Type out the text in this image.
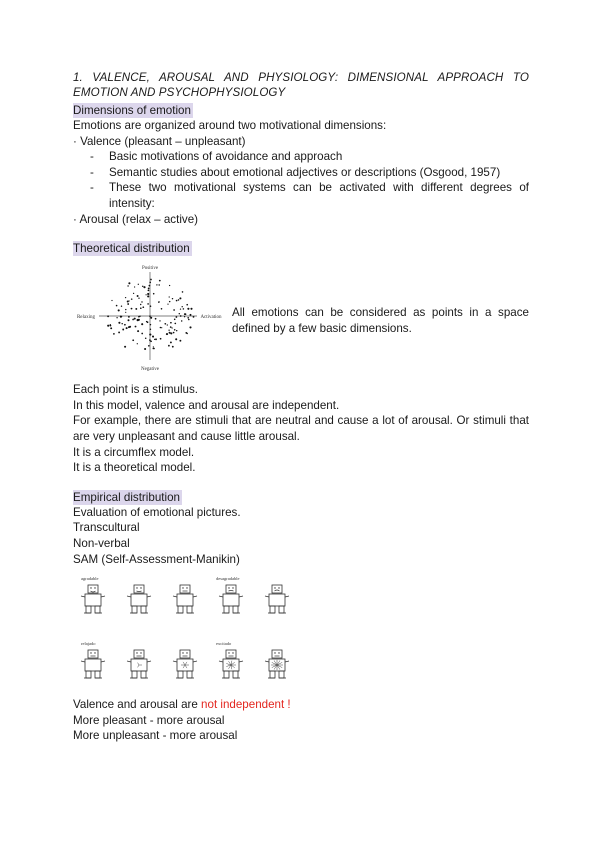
1. VALENCE, AROUSAL AND PHYSIOLOGY: DIMENSIONAL APPROACH TO EMOTION AND PSYCHOPHYSIOLOGY

Dimensions of emotion
Emotions are organized around two motivational dimensions:
· Valence (pleasant – unpleasant)
- Basic motivations of avoidance and approach
- Semantic studies about emotional adjectives or descriptions (Osgood, 1957)
- These two motivational systems can be activated with different degrees of intensity:
· Arousal (relax – active)
Theoretical distribution
Positive
Negative
Relaxing	Activation All emotions can be considered as points in a space defined by a few basic dimensions.
Each point is a stimulus.
In this model, valence and arousal are independent.
For example, there are stimuli that are neutral and cause a lot of arousal. Or stimuli that are very unpleasant and cause little arousal.
It is a circumflex model.
It is a theoretical model.
Empirical distribution
Evaluation of emotional pictures.
Transcultural
Non-verbal
SAM (Self-Assessment-Manikin)
agradable	desagradable
relajado	excitado
Valence and arousal are not independent !
More pleasant - more arousal
More unpleasant - more arousal
